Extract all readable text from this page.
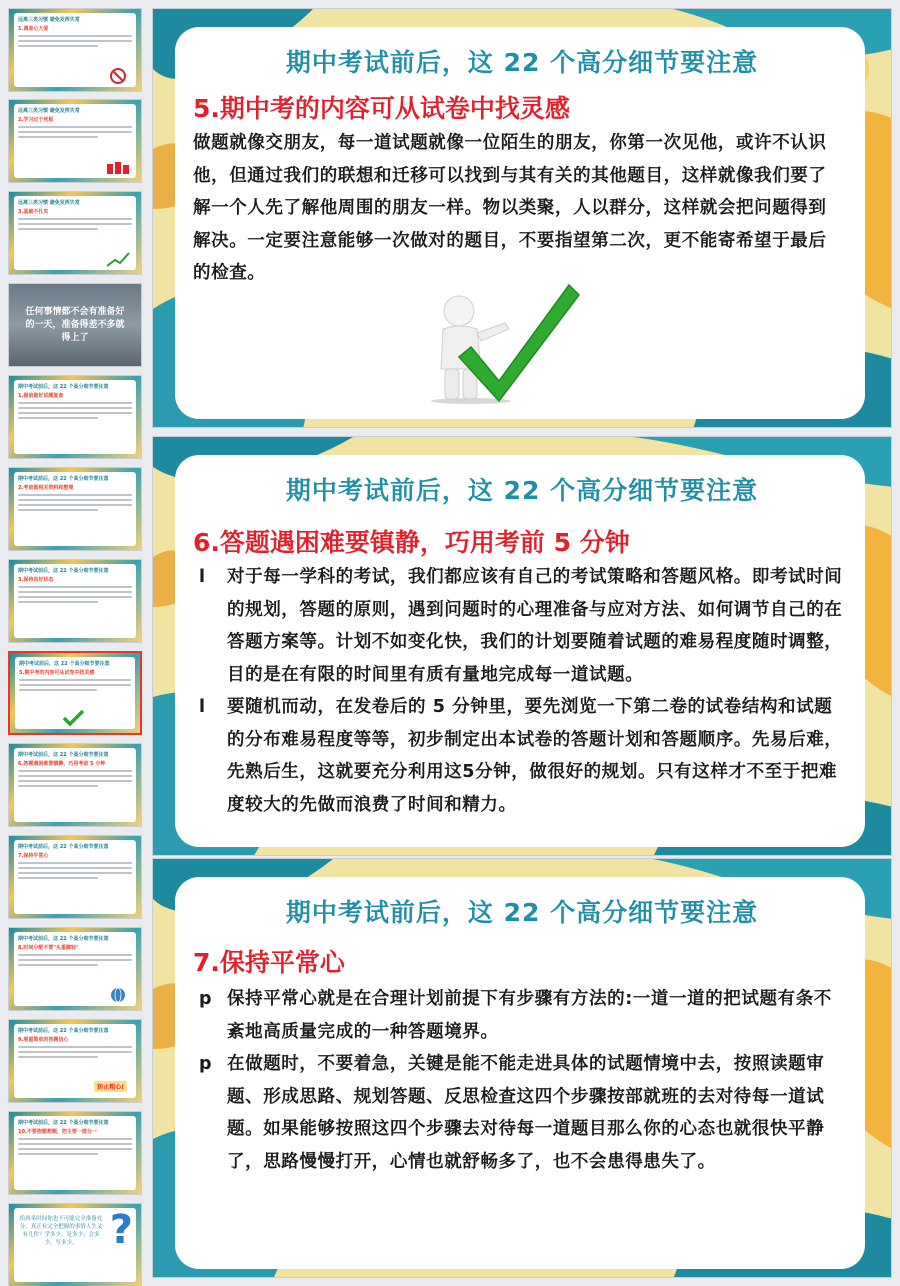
远离三类习惯 避免发挥失常
1.调查心大爱
远离三类习惯 避免发挥失常
2.学习过于死板
远离三类习惯 避免发挥失常
3.基础不扎实
任何事情都不会有准备好的一天，准备得差不多就得上了
期中考试前后，这 22 个高分细节要注意
1.提前做好试题复查
期中考试前后，这 22 个高分细节要注意
2.考前做相关资料和整理
期中考试前后，这 22 个高分细节要注意
3.保持良好状态
期中考试前后，这 22 个高分细节要注意
5.期中考的内容可从试卷中找灵感
期中考试前后，这 22 个高分细节要注意
6.答题遇困难要镇静，巧用考前 5 分钟
期中考试前后，这 22 个高分细节要注意
7.保持平常心
期中考试前后，这 22 个高分细节要注意
8.时间分配不要"头重脚轻"
期中考试前后，这 22 个高分细节要注意
9.看重简单的答题信心
防止粗心!
期中考试前后，这 22 个高分细节要注意
10.不要抱题想题，把主要一部分一
给再多时间你也不可能完全准备充分，真正有完全把握的事情人生又有几件？学多少，是多少；会多少，写多少。 ?
期中考试前后，这 22 个高分细节要注意
5.期中考的内容可从试卷中找灵感
做题就像交朋友，每一道试题就像一位陌生的朋友，你第一次见他，或许不认识他，但通过我们的联想和迁移可以找到与其有关的其他题目，这样就像我们要了解一个人先了解他周围的朋友一样。物以类聚，人以群分，这样就会把问题得到解决。一定要注意能够一次做对的题目，不要指望第二次，更不能寄希望于最后的检查。
期中考试前后，这 22 个高分细节要注意
6.答题遇困难要镇静，巧用考前 5 分钟
l 对于每一学科的考试，我们都应该有自己的考试策略和答题风格。即考试时间的规划，答题的原则，遇到问题时的心理准备与应对方法、如何调节自己的在答题方案等。计划不如变化快，我们的计划要随着试题的难易程度随时调整，目的是在有限的时间里有质有量地完成每一道试题。
l 要随机而动，在发卷后的 5 分钟里，要先浏览一下第二卷的试卷结构和试题的分布难易程度等等，初步制定出本试卷的答题计划和答题顺序。先易后难，先熟后生，这就要充分利用这5分钟，做很好的规划。只有这样才不至于把难度较大的先做而浪费了时间和精力。
期中考试前后，这 22 个高分细节要注意
7.保持平常心
p 保持平常心就是在合理计划前提下有步骤有方法的:一道一道的把试题有条不紊地高质量完成的一种答题境界。
p 在做题时，不要着急，关键是能不能走进具体的试题情境中去，按照读题审题、形成思路、规划答题、反思检查这四个步骤按部就班的去对待每一道试题。如果能够按照这四个步骤去对待每一道题目那么你的心态也就很快平静了，思路慢慢打开，心情也就舒畅多了，也不会患得患失了。
